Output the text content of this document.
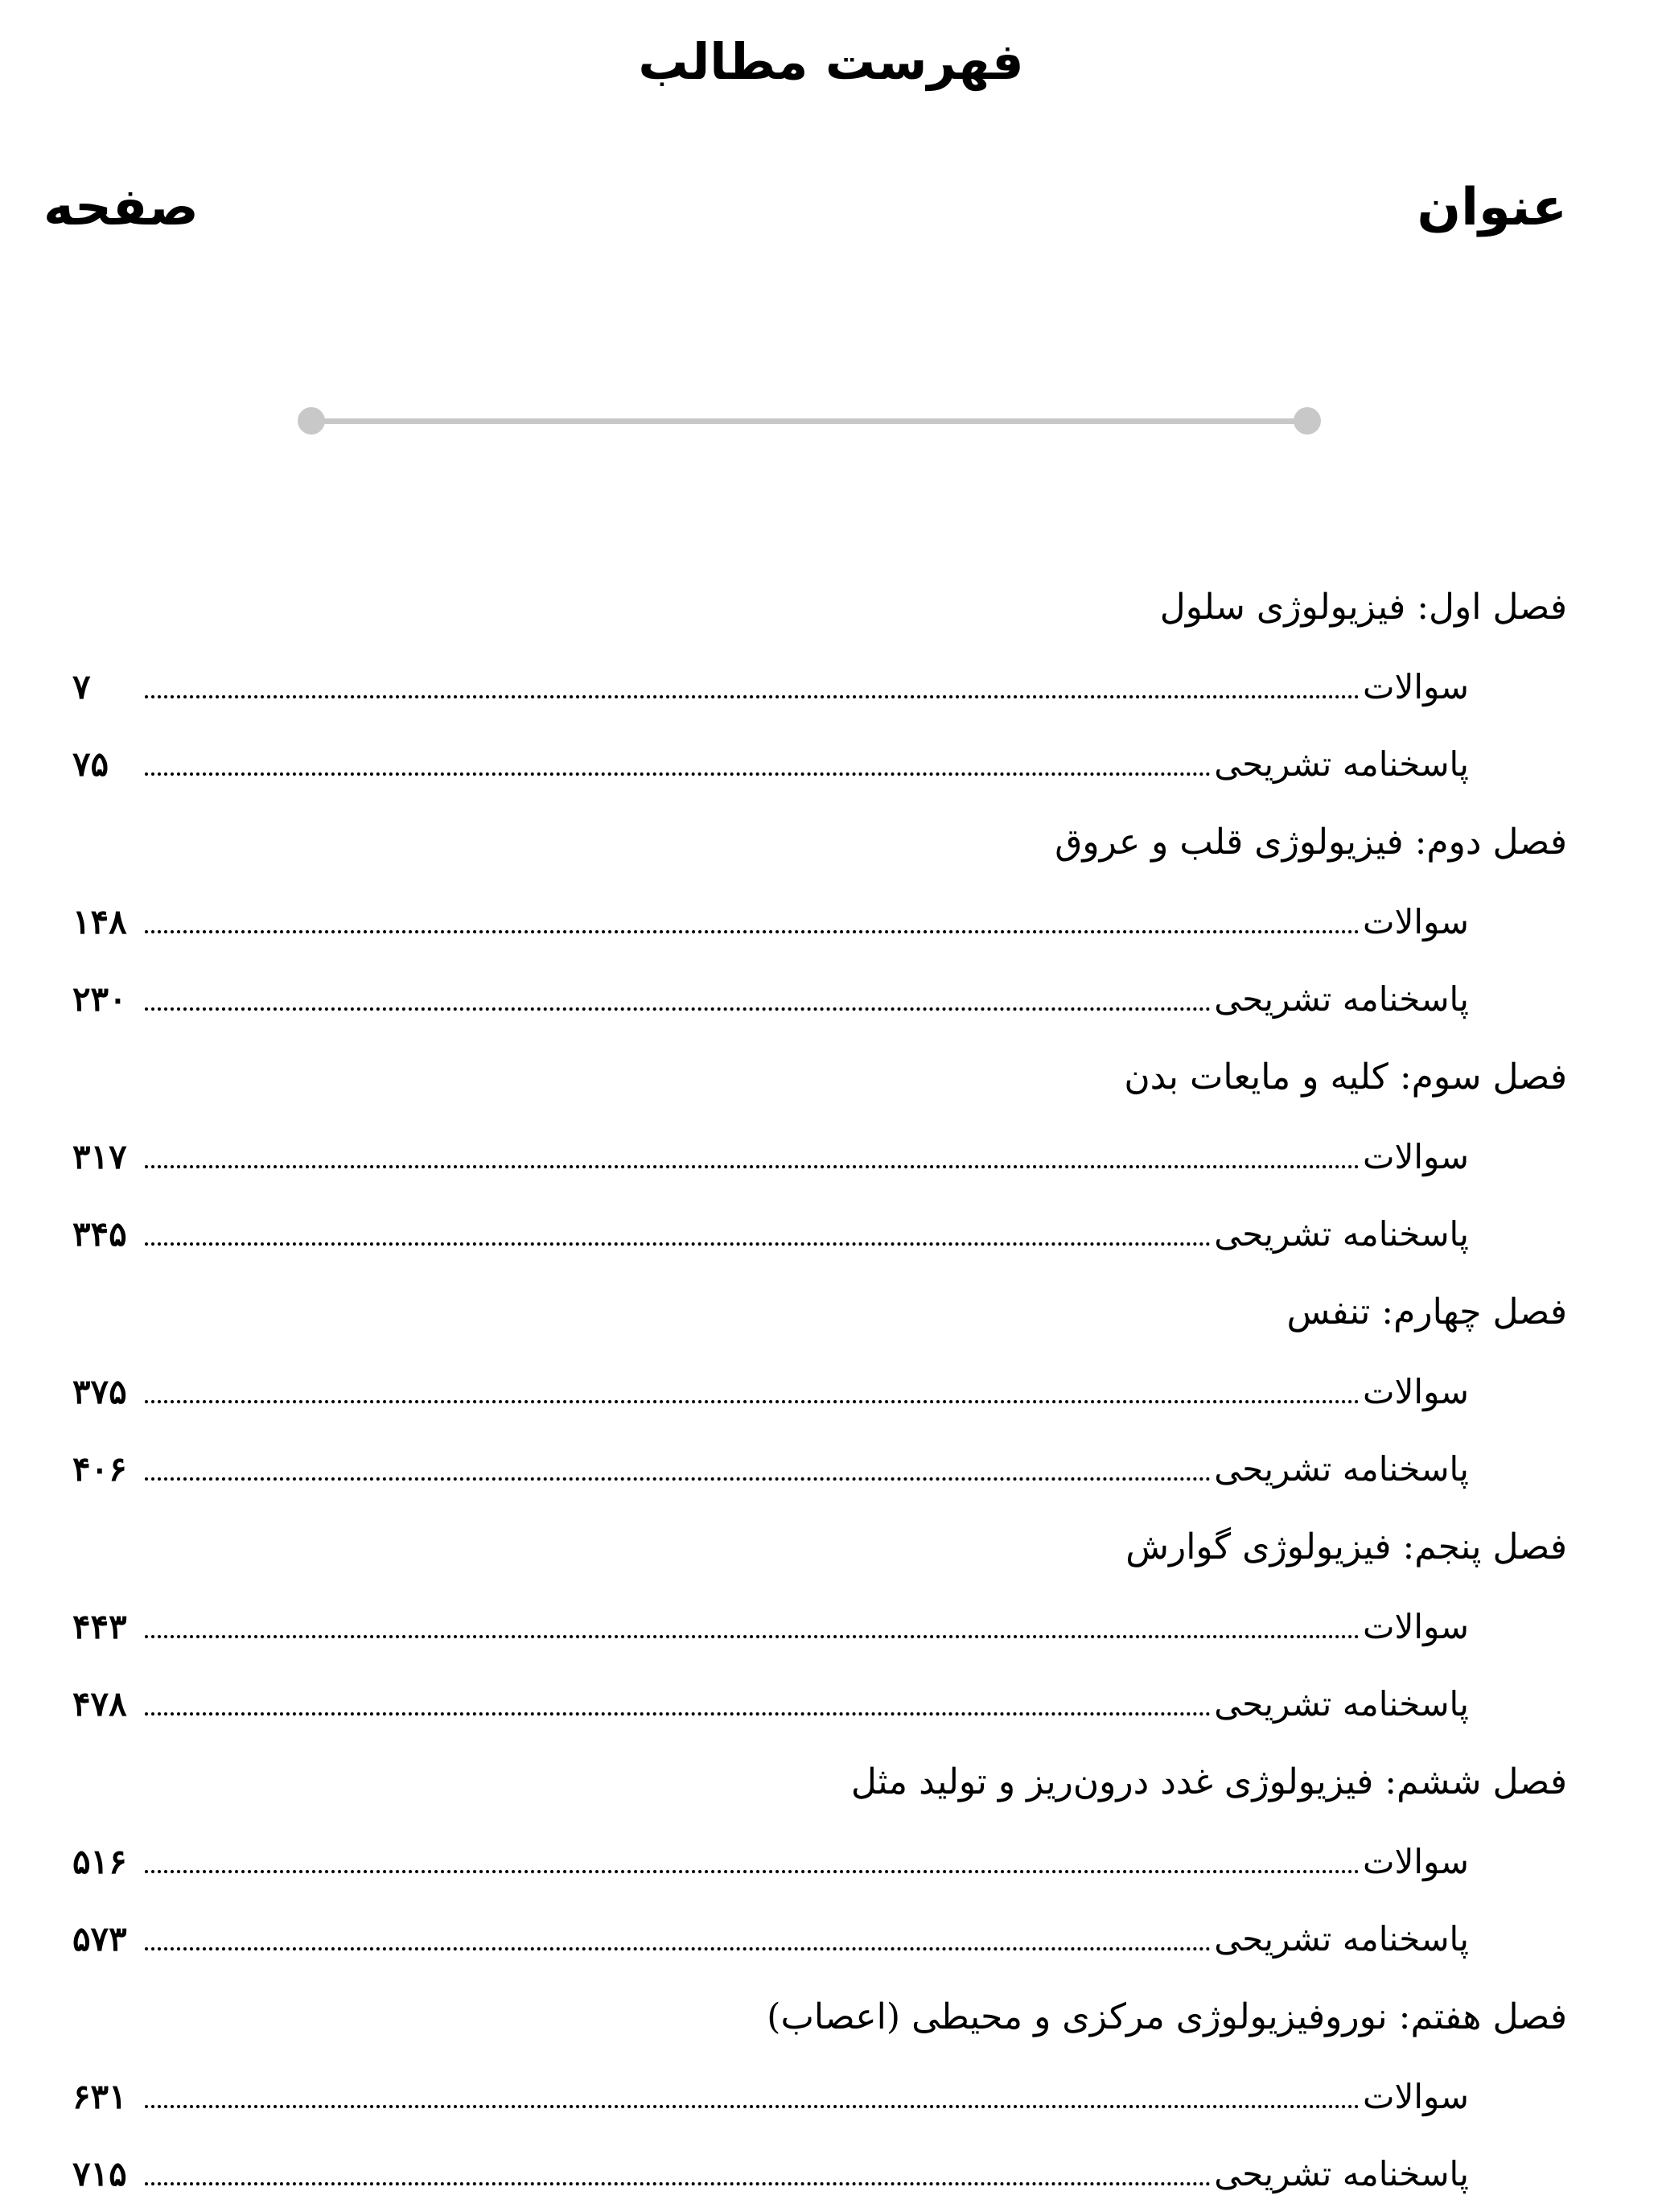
فهرست مطالب
عنوان
صفحه
فصل اول: فیزیولوژی سلول
سوالات
۷
پاسخنامه تشریحی
۷۵
فصل دوم: فیزیولوژی قلب و عروق
سوالات
۱۴۸
پاسخنامه تشریحی
۲۳۰
فصل سوم: کلیه و مایعات بدن
سوالات
۳۱۷
پاسخنامه تشریحی
۳۴۵
فصل چهارم: تنفس
سوالات
۳۷۵
پاسخنامه تشریحی
۴۰۶
فصل پنجم: فیزیولوژی گوارش
سوالات
۴۴۳
پاسخنامه تشریحی
۴۷۸
فصل ششم: فیزیولوژی غدد درون‌ریز و تولید مثل
سوالات
۵۱۶
پاسخنامه تشریحی
۵۷۳
فصل هفتم: نوروفیزیولوژی مرکزی و محیطی (اعصاب)
سوالات
۶۳۱
پاسخنامه تشریحی
۷۱۵
